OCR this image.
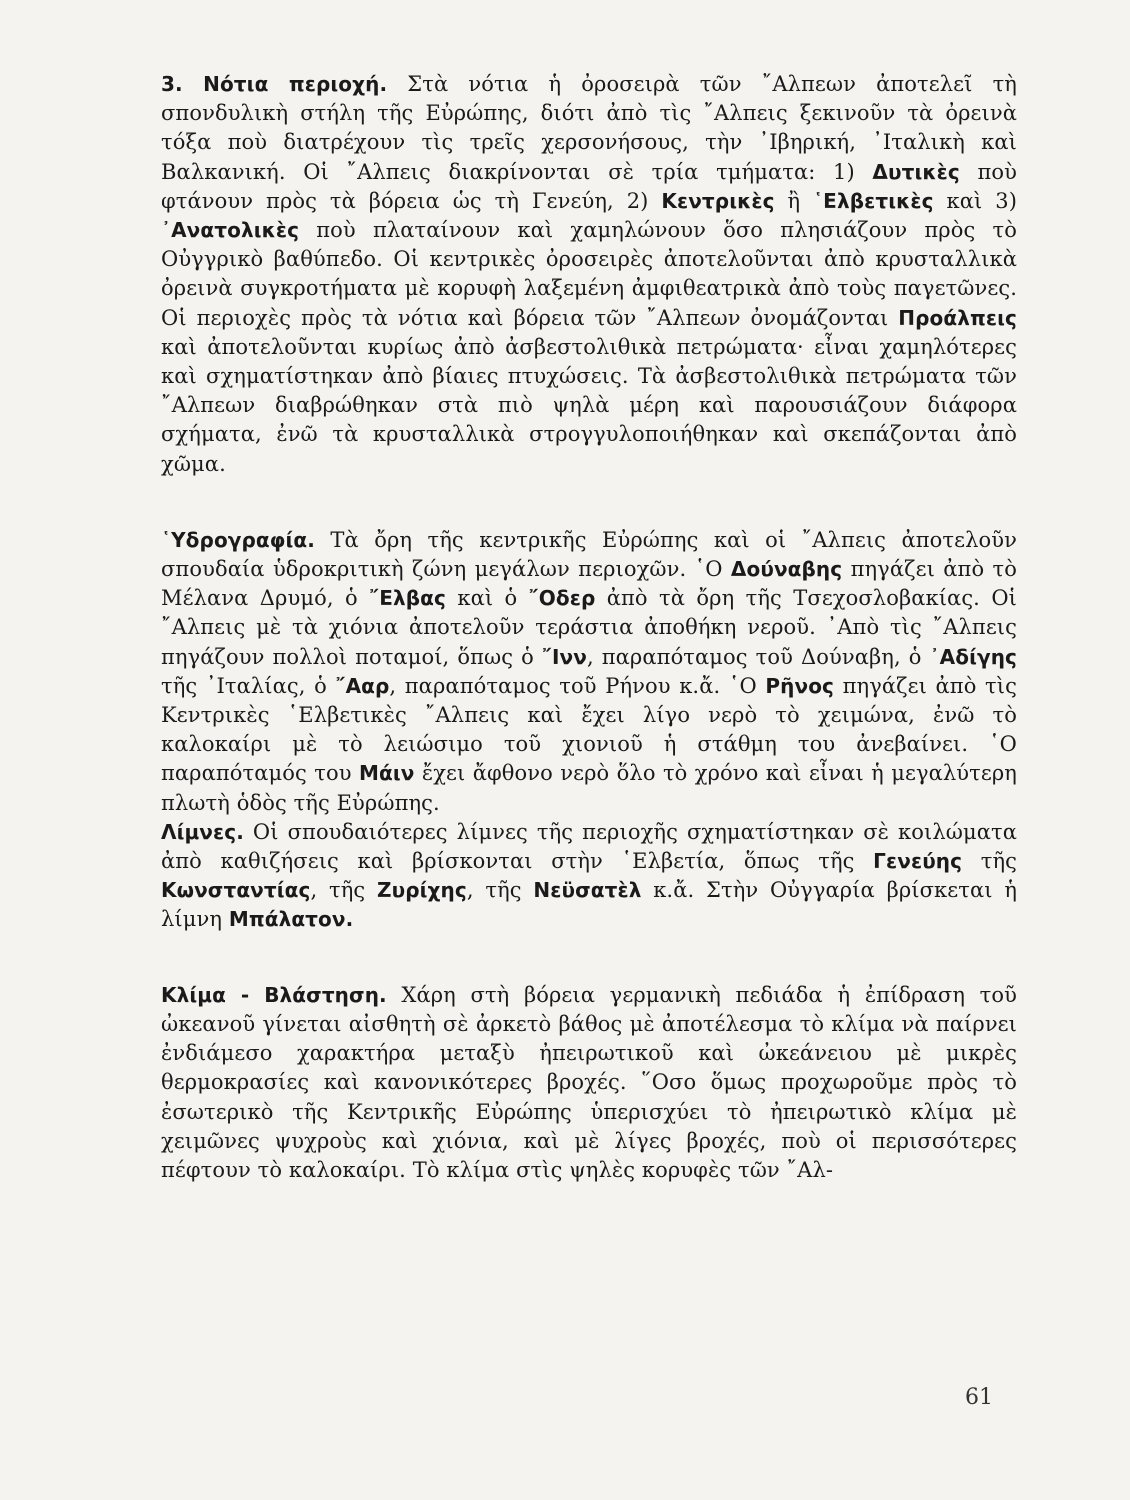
3. Νότια περιοχή. Στὰ νότια ἡ ὀροσειρὰ τῶν ῎Αλπεων ἀποτελεῖ τὴ σπονδυλικὴ στήλη τῆς Εὐρώπης, διότι ἀπὸ τὶς ῎Αλπεις ξεκινοῦν τὰ ὀρεινὰ τόξα ποὺ διατρέχουν τὶς τρεῖς χερσονήσους, τὴν ᾿Ιβηρική, ᾿Ιταλικὴ καὶ Βαλκανική. Οἱ ῎Αλπεις διακρίνονται σὲ τρία τμήματα: 1) Δυτικὲς ποὺ φτάνουν πρὸς τὰ βόρεια ὡς τὴ Γενεύη, 2) Κεντρικὲς ἢ ῾Ελβετικὲς καὶ 3) ᾿Ανατολικὲς ποὺ πλαταίνουν καὶ χαμηλώνουν ὅσο πλησιάζουν πρὸς τὸ Οὐγγρικὸ βαθύπεδο. Οἱ κεντρικὲς ὀροσειρὲς ἀποτελοῦνται ἀπὸ κρυσταλλικὰ ὀρεινὰ συγκροτήματα μὲ κορυφὴ λαξεμένη ἀμφιθεατρικὰ ἀπὸ τοὺς παγετῶνες. Οἱ περιοχὲς πρὸς τὰ νότια καὶ βόρεια τῶν ῎Αλπεων ὀνομάζονται Προάλπεις καὶ ἀποτελοῦνται κυρίως ἀπὸ ἀσβεστολιθικὰ πετρώματα· εἶναι χαμηλότερες καὶ σχηματίστηκαν ἀπὸ βίαιες πτυχώσεις. Τὰ ἀσβεστολιθικὰ πετρώματα τῶν ῎Αλπεων διαβρώθηκαν στὰ πιὸ ψηλὰ μέρη καὶ παρουσιάζουν διάφορα σχήματα, ἐνῶ τὰ κρυσταλλικὰ στρογγυλοποιήθηκαν καὶ σκεπάζονται ἀπὸ χῶμα.

῾Υδρογραφία. Τὰ ὄρη τῆς κεντρικῆς Εὐρώπης καὶ οἱ ῎Αλπεις ἀποτελοῦν σπουδαία ὑδροκριτικὴ ζώνη μεγάλων περιοχῶν. ῾Ο Δούναβης πηγάζει ἀπὸ τὸ Μέλανα Δρυμό, ὁ ῎Ελβας καὶ ὁ ῎Οδερ ἀπὸ τὰ ὄρη τῆς Τσεχοσλοβακίας. Οἱ ῎Αλπεις μὲ τὰ χιόνια ἀποτελοῦν τεράστια ἀποθήκη νεροῦ. ᾿Απὸ τὶς ῎Αλπεις πηγάζουν πολλοὶ ποταμοί, ὅπως ὁ ῎Ινν, παραπόταμος τοῦ Δούναβη, ὁ ᾿Αδίγης τῆς ᾿Ιταλίας, ὁ ῎Ααρ, παραπόταμος τοῦ Ρήνου κ.ἄ. ῾Ο Ρῆνος πηγάζει ἀπὸ τὶς Κεντρικὲς ῾Ελβετικὲς ῎Αλπεις καὶ ἔχει λίγο νερὸ τὸ χειμώνα, ἐνῶ τὸ καλοκαίρι μὲ τὸ λειώσιμο τοῦ χιονιοῦ ἡ στάθμη του ἀνεβαίνει. ῾Ο παραπόταμός του Μάιν ἔχει ἄφθονο νερὸ ὅλο τὸ χρόνο καὶ εἶναι ἡ μεγαλύτερη πλωτὴ ὁδὸς τῆς Εὐρώπης.

Λίμνες. Οἱ σπουδαιότερες λίμνες τῆς περιοχῆς σχηματίστηκαν σὲ κοιλώματα ἀπὸ καθιζήσεις καὶ βρίσκονται στὴν ῾Ελβετία, ὅπως τῆς Γενεύης τῆς Κωνσταντίας, τῆς Ζυρίχης, τῆς Νεϋσατὲλ κ.ἄ. Στὴν Οὐγγαρία βρίσκεται ἡ λίμνη Μπάλατον.

Κλίμα - Βλάστηση. Χάρη στὴ βόρεια γερμανικὴ πεδιάδα ἡ ἐπίδραση τοῦ ὠκεανοῦ γίνεται αἰσθητὴ σὲ ἀρκετὸ βάθος μὲ ἀποτέλεσμα τὸ κλίμα νὰ παίρνει ἐνδιάμεσο χαρακτήρα μεταξὺ ἠπειρωτικοῦ καὶ ὠκεάνειου μὲ μικρὲς θερμοκρασίες καὶ κανονικότερες βροχές. ῞Οσο ὅμως προχωροῦμε πρὸς τὸ ἐσωτερικὸ τῆς Κεντρικῆς Εὐρώπης ὑπερισχύει τὸ ἠπειρωτικὸ κλίμα μὲ χειμῶνες ψυχροὺς καὶ χιόνια, καὶ μὲ λίγες βροχές, ποὺ οἱ περισσότερες πέφτουν τὸ καλοκαίρι. Τὸ κλίμα στὶς ψηλὲς κορυφὲς τῶν ῎Αλ-

61
